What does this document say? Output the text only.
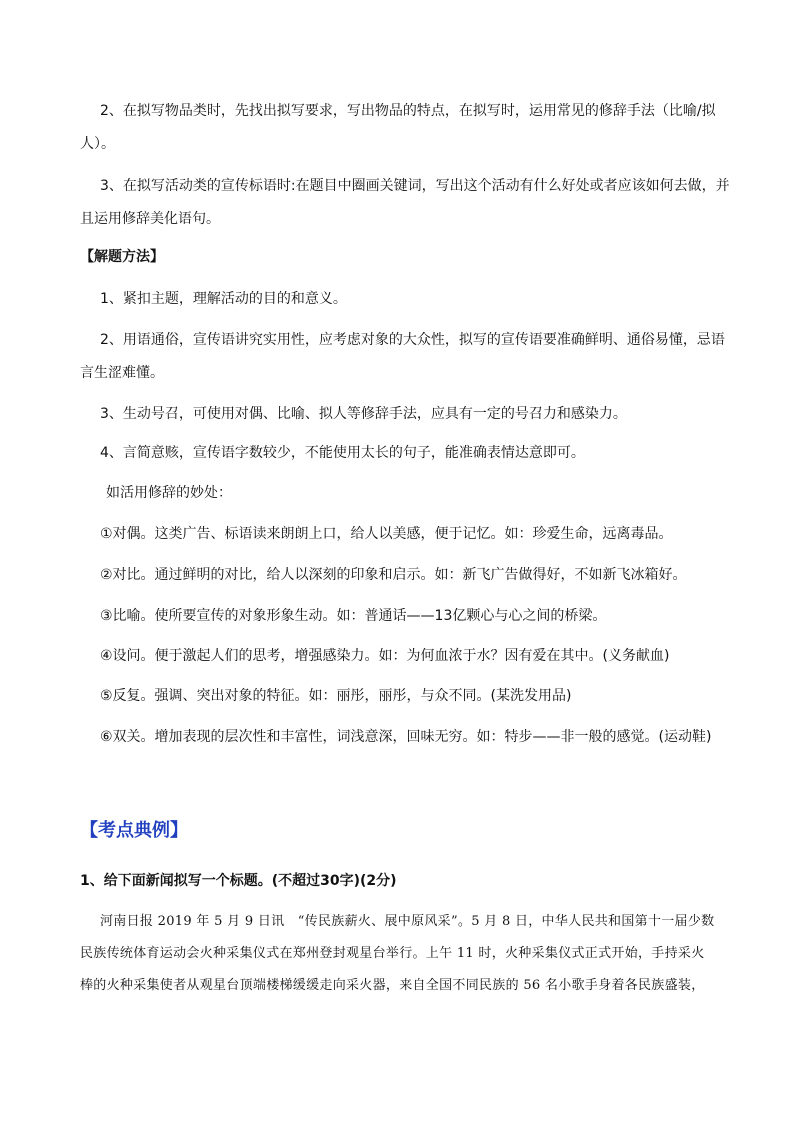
2、在拟写物品类时，先找出拟写要求，写出物品的特点，在拟写时，运用常见的修辞手法（比喻/拟
人）。
3、在拟写活动类的宣传标语时:在题目中圈画关键词，写出这个活动有什么好处或者应该如何去做，并
且运用修辞美化语句。
【解题方法】
1、紧扣主题，理解活动的目的和意义。
2、用语通俗，宣传语讲究实用性，应考虑对象的大众性，拟写的宣传语要准确鲜明、通俗易懂，忌语
言生涩难懂。
3、生动号召，可使用对偶、比喻、拟人等修辞手法，应具有一定的号召力和感染力。
4、言简意赅，宣传语字数较少，不能使用太长的句子，能准确表情达意即可。
如活用修辞的妙处：
①对偶。这类广告、标语读来朗朗上口，给人以美感，便于记忆。如：珍爱生命，远离毒品。
②对比。通过鲜明的对比，给人以深刻的印象和启示。如：新飞广告做得好，不如新飞冰箱好。
③比喻。使所要宣传的对象形象生动。如：普通话——13亿颗心与心之间的桥梁。
④设问。便于激起人们的思考，增强感染力。如：为何血浓于水？因有爱在其中。(义务献血)
⑤反复。强调、突出对象的特征。如：丽彤，丽彤，与众不同。(某洗发用品)
⑥双关。增加表现的层次性和丰富性，词浅意深，回味无穷。如：特步——非一般的感觉。(运动鞋)
【考点典例】
1、给下面新闻拟写一个标题。(不超过30字)(2分)
河南日报 2019 年 5 月 9 日讯　“传民族薪火、展中原风采”。5 月 8 日，中华人民共和国第十一届少数
民族传统体育运动会火种采集仪式在郑州登封观星台举行。上午 11 时，火种采集仪式正式开始，手持采火
棒的火种采集使者从观星台顶端楼梯缓缓走向采火器，来自全国不同民族的 56 名小歌手身着各民族盛装，
